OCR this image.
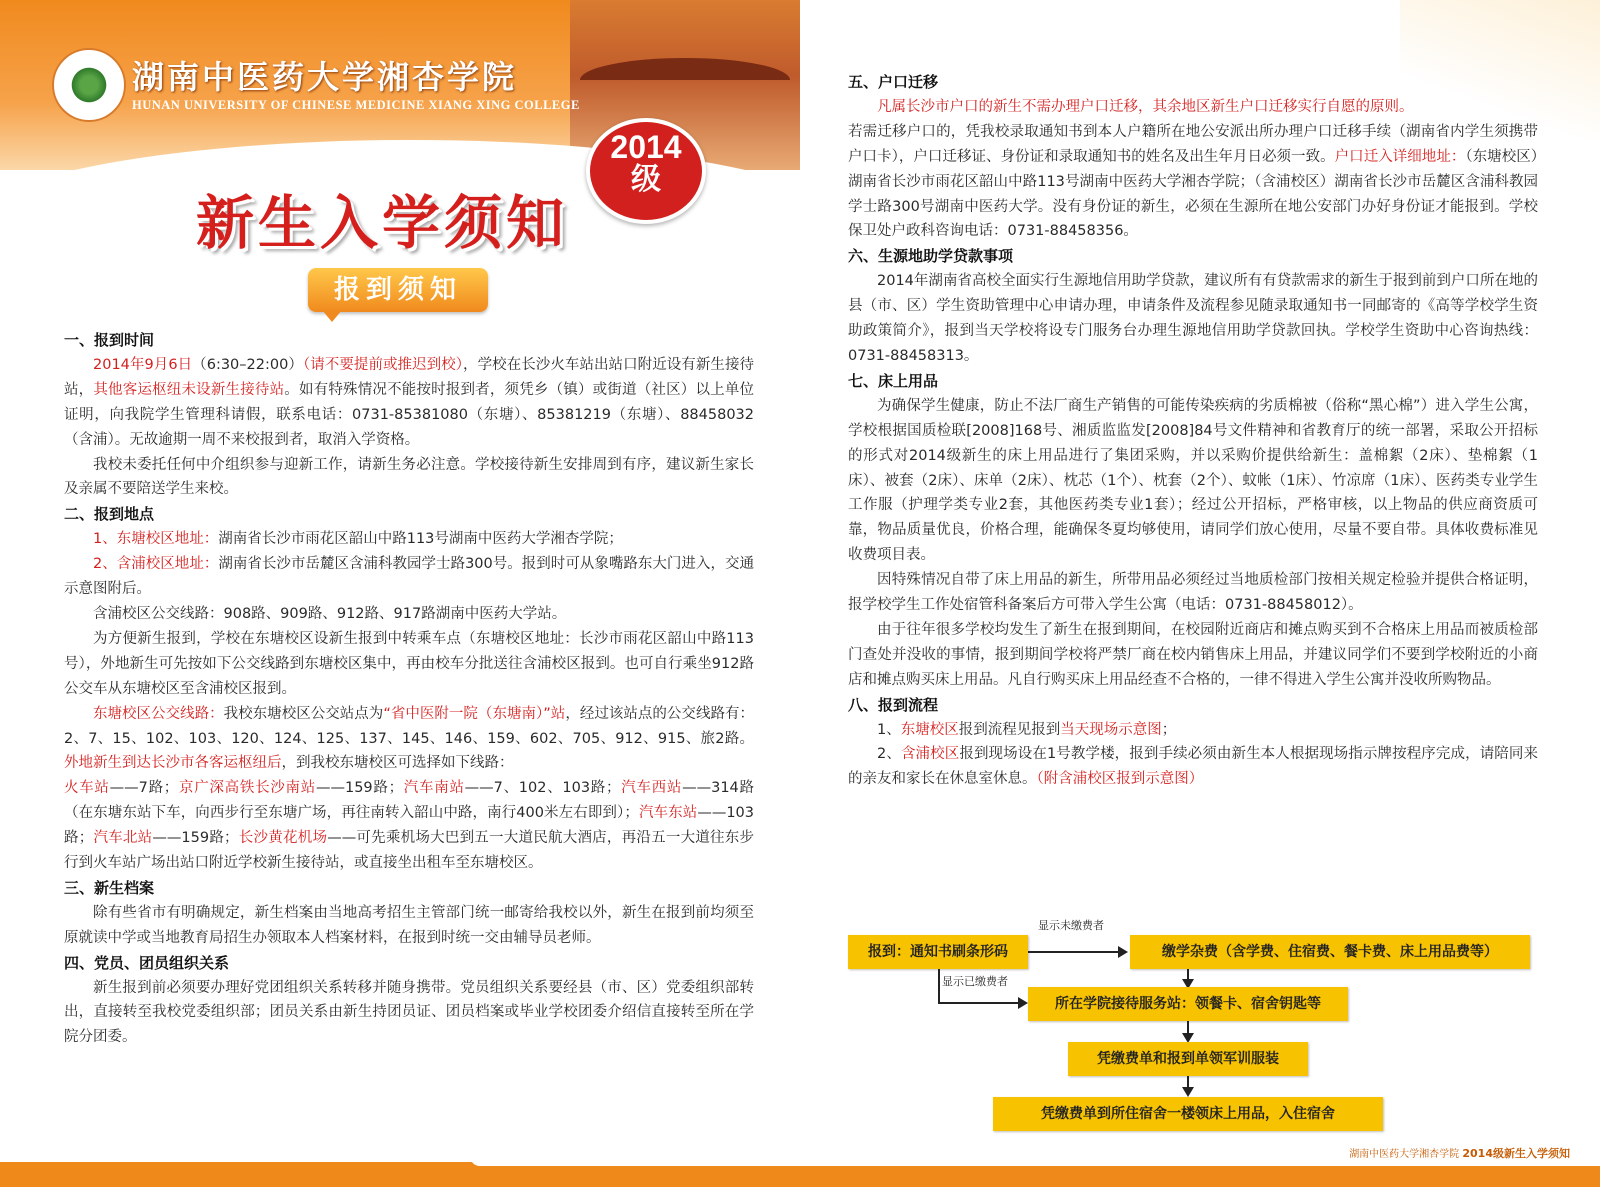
湖南中医药大学湘杏学院
HUNAN UNIVERSITY OF CHINESE MEDICINE XIANG XING COLLEGE
2014
级
新生入学须知
报到须知
一、报到时间

2014年9月6日（6:30–22:00）（请不要提前或推迟到校），学校在长沙火车站出站口附近设有新生接待站，其他客运枢纽未设新生接待站。如有特殊情况不能按时报到者，须凭乡（镇）或街道（社区）以上单位证明，向我院学生管理科请假，联系电话：0731-85381080（东塘）、85381219（东塘）、88458032（含浦）。无故逾期一周不来校报到者，取消入学资格。

我校未委托任何中介组织参与迎新工作，请新生务必注意。学校接待新生安排周到有序，建议新生家长及亲属不要陪送学生来校。

二、报到地点

1、东塘校区地址：湖南省长沙市雨花区韶山中路113号湖南中医药大学湘杏学院；

2、含浦校区地址：湖南省长沙市岳麓区含浦科教园学士路300号。报到时可从象嘴路东大门进入，交通示意图附后。

含浦校区公交线路：908路、909路、912路、917路湖南中医药大学站。

为方便新生报到，学校在东塘校区设新生报到中转乘车点（东塘校区地址：长沙市雨花区韶山中路113号），外地新生可先按如下公交线路到东塘校区集中，再由校车分批送往含浦校区报到。也可自行乘坐912路公交车从东塘校区至含浦校区报到。

东塘校区公交线路：我校东塘校区公交站点为“省中医附一院（东塘南）”站，经过该站点的公交线路有：2、7、15、102、103、120、124、125、137、145、146、159、602、705、912、915、旅2路。外地新生到达长沙市各客运枢纽后，到我校东塘校区可选择如下线路：

火车站——7路；京广深高铁长沙南站——159路；汽车南站——7、102、103路；汽车西站——314路（在东塘东站下车，向西步行至东塘广场，再往南转入韶山中路，南行400米左右即到）；汽车东站——103路；汽车北站——159路；长沙黄花机场——可先乘机场大巴到五一大道民航大酒店，再沿五一大道往东步行到火车站广场出站口附近学校新生接待站，或直接坐出租车至东塘校区。

三、新生档案

除有些省市有明确规定，新生档案由当地高考招生主管部门统一邮寄给我校以外，新生在报到前均须至原就读中学或当地教育局招生办领取本人档案材料，在报到时统一交由辅导员老师。

四、党员、团员组织关系

新生报到前必须要办理好党团组织关系转移并随身携带。党员组织关系要经县（市、区）党委组织部转出，直接转至我校党委组织部；团员关系由新生持团员证、团员档案或毕业学校团委介绍信直接转至所在学院分团委。

五、户口迁移

凡属长沙市户口的新生不需办理户口迁移，其余地区新生户口迁移实行自愿的原则。

若需迁移户口的，凭我校录取通知书到本人户籍所在地公安派出所办理户口迁移手续（湖南省内学生须携带户口卡），户口迁移证、身份证和录取通知书的姓名及出生年月日必须一致。户口迁入详细地址：（东塘校区）湖南省长沙市雨花区韶山中路113号湖南中医药大学湘杏学院；（含浦校区）湖南省长沙市岳麓区含浦科教园学士路300号湖南中医药大学。没有身份证的新生，必须在生源所在地公安部门办好身份证才能报到。学校保卫处户政科咨询电话：0731-88458356。

六、生源地助学贷款事项

2014年湖南省高校全面实行生源地信用助学贷款，建议所有有贷款需求的新生于报到前到户口所在地的县（市、区）学生资助管理中心申请办理，申请条件及流程参见随录取通知书一同邮寄的《高等学校学生资助政策简介》，报到当天学校将设专门服务台办理生源地信用助学贷款回执。学校学生资助中心咨询热线：0731-88458313。

七、床上用品

为确保学生健康，防止不法厂商生产销售的可能传染疾病的劣质棉被（俗称“黑心棉”）进入学生公寓，学校根据国质检联[2008]168号、湘质监监发[2008]84号文件精神和省教育厅的统一部署，采取公开招标的形式对2014级新生的床上用品进行了集团采购，并以采购价提供给新生：盖棉絮（2床）、垫棉絮（1床）、被套（2床）、床单（2床）、枕芯（1个）、枕套（2个）、蚊帐（1床）、竹凉席（1床）、医药类专业学生工作服（护理学类专业2套，其他医药类专业1套）；经过公开招标，严格审核，以上物品的供应商资质可靠，物品质量优良，价格合理，能确保冬夏均够使用，请同学们放心使用，尽量不要自带。具体收费标准见收费项目表。

因特殊情况自带了床上用品的新生，所带用品必须经过当地质检部门按相关规定检验并提供合格证明，报学校学生工作处宿管科备案后方可带入学生公寓（电话：0731-88458012）。

由于往年很多学校均发生了新生在报到期间，在校园附近商店和摊点购买到不合格床上用品而被质检部门查处并没收的事情，报到期间学校将严禁厂商在校内销售床上用品，并建议同学们不要到学校附近的小商店和摊点购买床上用品。凡自行购买床上用品经查不合格的，一律不得进入学生公寓并没收所购物品。

八、报到流程

1、东塘校区报到流程见报到当天现场示意图；

2、含浦校区报到现场设在1号教学楼，报到手续必须由新生本人根据现场指示牌按程序完成，请陪同来的亲友和家长在休息室休息。（附含浦校区报到示意图）

报到：通知书刷条形码
显示未缴费者
缴学杂费（含学费、住宿费、餐卡费、床上用品费等）
显示已缴费者
所在学院接待服务站：领餐卡、宿舍钥匙等
凭缴费单和报到单领军训服装
凭缴费单到所住宿舍一楼领床上用品，入住宿舍
湖南中医药大学湘杏学院 2014级新生入学须知
